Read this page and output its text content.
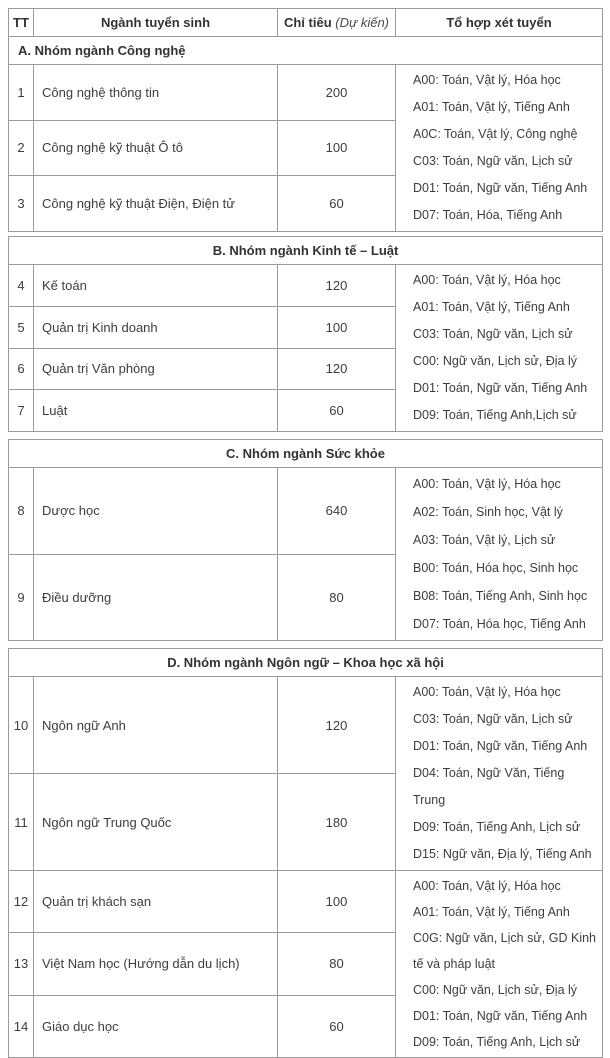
TT	Ngành tuyển sinh	Chỉ tiêu (Dự kiến)	Tổ hợp xét tuyển
A. Nhóm ngành Công nghệ			
1	Công nghệ thông tin	200	
A00: Toán, Vật lý, Hóa học
A01: Toán, Vật lý, Tiếng Anh
A0C: Toán, Vật lý, Công nghệ
C03: Toán, Ngữ văn, Lịch sử
D01: Toán, Ngữ văn, Tiếng Anh
D07: Toán, Hóa, Tiếng Anh

2	Công nghệ kỹ thuật Ô tô	100	
3	Công nghệ kỹ thuật Điện, Điện tử	60	
B. Nhóm ngành Kinh tế – Luật			
4	Kế toán	120	A00: Toán, Vật lý, Hóa học
A01: Toán, Vật lý, Tiếng Anh
C03: Toán, Ngữ văn, Lịch sử
C00: Ngữ văn, Lịch sử, Địa lý
D01: Toán, Ngữ văn, Tiếng Anh
D09: Toán, Tiếng Anh,Lịch sử

5	Quản trị Kinh doanh	100	
6	Quản trị Văn phòng	120	
7	Luật	60	
C. Nhóm ngành Sức khỏe			
8	Dược học	640	
A00: Toán, Vật lý, Hóa học
A02: Toán, Sinh học, Vật lý
A03: Toán, Vật lý, Lịch sử
B00: Toán, Hóa học, Sinh học
B08: Toán, Tiếng Anh, Sinh học
D07: Toán, Hóa học, Tiếng Anh

9	Điều dưỡng	80	
D. Nhóm ngành Ngôn ngữ – Khoa học xã hội			
10	Ngôn ngữ Anh	120	
A00: Toán, Vật lý, Hóa học
C03: Toán, Ngữ văn, Lịch sử
D01: Toán, Ngữ văn, Tiếng Anh
D04: Toán, Ngữ Văn, Tiếng Trung
D09: Toán, Tiếng Anh, Lịch sử
D15: Ngữ văn, Địa lý, Tiếng Anh

11	Ngôn ngữ Trung Quốc	180	
12	Quản trị khách sạn	100	
A00: Toán, Vật lý, Hóa học
A01: Toán, Vật lý, Tiếng Anh
C0G: Ngữ văn, Lịch sử, GD Kinh tế và pháp luật
C00: Ngữ văn, Lịch sử, Địa lý
D01: Toán, Ngữ văn, Tiếng Anh
D09: Toán, Tiếng Anh, Lịch sử

13	Việt Nam học (Hướng dẫn du lịch)	80	
14	Giáo dục học	60	
